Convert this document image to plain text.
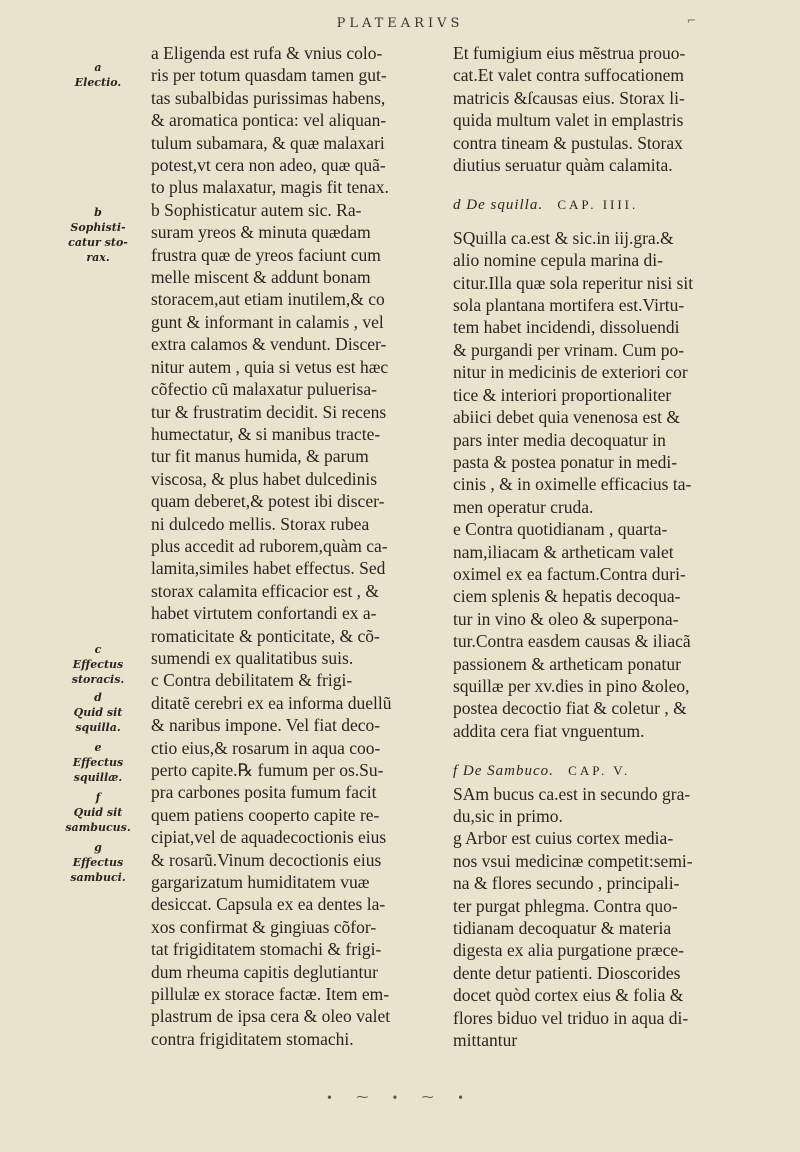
PLATEARIVS	⌐
a
Electio.
b
Sophisti-
catur sto-
rax.
c
Effectus
storacis.
d
Quid sit
squilla.
e
Effectus
squillæ.
f
Quid sit
sambucus.
g
Effectus
sambuci.
a Eligenda est rufa & vnius colo-
ris per totum quasdam tamen gut-
tas subalbidas purissimas habens,
& aromatica pontica: vel aliquan-
tulum subamara, & quæ malaxari
potest,vt cera non adeo, quæ quã-
to plus malaxatur, magis fit tenax.
b Sophisticatur autem sic. Ra-
suram yreos & minuta quædam
frustra quæ de yreos faciunt cum
melle miscent & addunt bonam
storacem,aut etiam inutilem,& co
gunt & informant in calamis , vel
extra calamos & vendunt. Discer-
nitur autem , quia si vetus est hæc
cõfectio cũ malaxatur puluerisa-
tur & frustratim decidit. Si recens
humectatur, & si manibus tracte-
tur fit manus humida, & parum
viscosa, & plus habet dulcedinis
quam deberet,& potest ibi discer-
ni dulcedo mellis. Storax rubea
plus accedit ad ruborem,quàm ca-
lamita,similes habet effectus. Sed
storax calamita efficacior est , &
habet virtutem confortandi ex a-
romaticitate & ponticitate, & cõ-
sumendi ex qualitatibus suis.
c Contra debilitatem & frigi-
ditatẽ cerebri ex ea informa duellũ
& naribus impone. Vel fiat deco-
ctio eius,& rosarum in aqua coo-
perto capite.℞ fumum per os.Su-
pra carbones posita fumum facit
quem patiens cooperto capite re-
cipiat,vel de aquadecoctionis eius
& rosarũ.Vinum decoctionis eius
gargarizatum humiditatem vuæ
desiccat. Capsula ex ea dentes la-
xos confirmat & gingiuas cõfor-
tat frigiditatem stomachi & frigi-
dum rheuma capitis deglutiantur
pillulæ ex storace factæ. Item em-
plastrum de ipsa cera & oleo valet
contra frigiditatem stomachi.
Et fumigium eius mẽstrua prouo-
cat.Et valet contra suffocationem
matricis &ſcausas eius. Storax li-
quida multum valet in emplastris
contra tineam & pustulas. Storax
diutius seruatur quàm calamita.
d De squilla. CAP. IIII.
SQuilla ca.est & sic.in iij.gra.&
alio nomine cepula marina di-
citur.Illa quæ sola reperitur nisi sit
sola plantana mortifera est.Virtu-
tem habet incidendi, dissoluendi
& purgandi per vrinam. Cum po-
nitur in medicinis de exteriori cor
tice & interiori proportionaliter
abiici debet quia venenosa est &
pars inter media decoquatur in
pasta & postea ponatur in medi-
cinis , & in oximelle efficacius ta-
men operatur cruda.
e Contra quotidianam , quarta-
nam,iliacam & artheticam valet
oximel ex ea factum.Contra duri-
ciem splenis & hepatis decoqua-
tur in vino & oleo & superpona-
tur.Contra easdem causas & iliacã
passionem & artheticam ponatur
squillæ per xv.dies in pino &oleo,
postea decoctio fiat & coletur , &
addita cera fiat vnguentum.
f De Sambuco. CAP. V.
SAm bucus ca.est in secundo gra-
du,sic in primo.
g Arbor est cuius cortex media-
nos vsui medicinæ competit:semi-
na & flores secundo , principali-
ter purgat phlegma. Contra quo-
tidianam decoquatur & materia
digesta ex alia purgatione præce-
dente detur patienti. Dioscorides
docet quòd cortex eius & folia &
flores biduo vel triduo in aqua di-
mittantur
∙ ⁓ ∙ ⁓ ∙
